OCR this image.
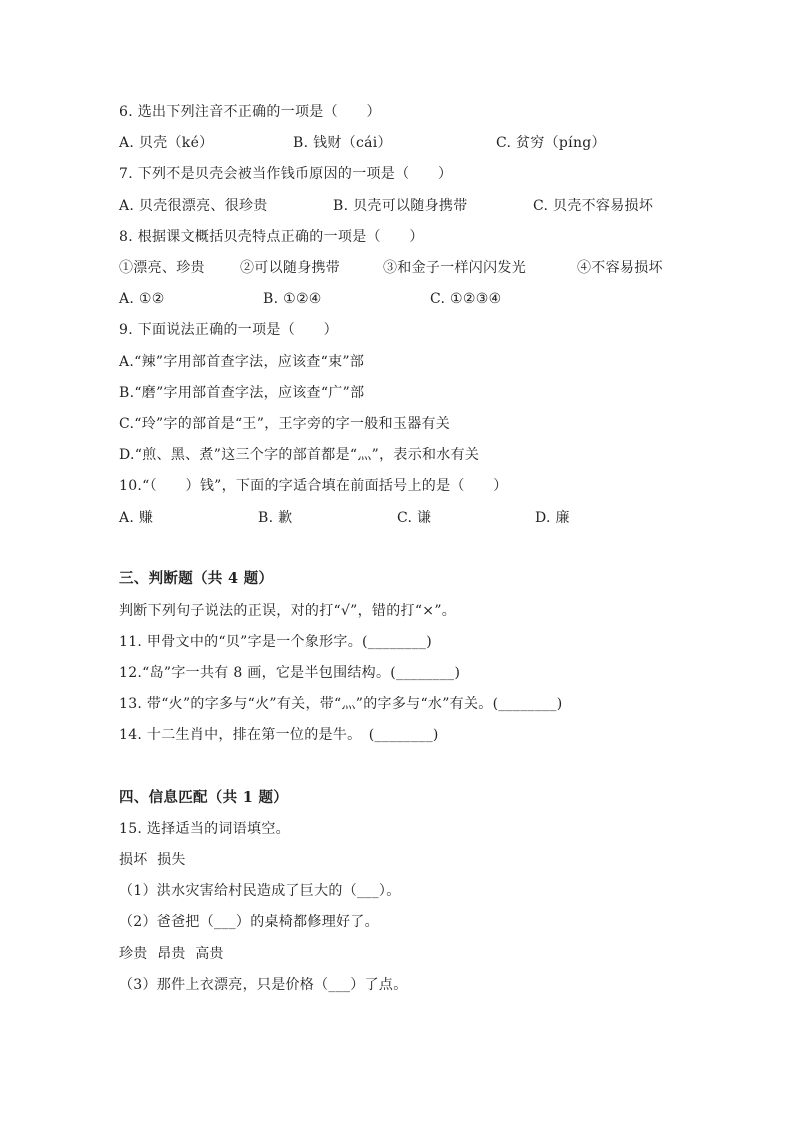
6. 选出下列注音不正确的一项是（　　）
A. 贝壳（ké）	B. 钱财（cái）	C. 贫穷（píng）
7. 下列不是贝壳会被当作钱币原因的一项是（　　）
A. 贝壳很漂亮、很珍贵	B. 贝壳可以随身携带	C. 贝壳不容易损坏
8. 根据课文概括贝壳特点正确的一项是（　　）
①漂亮、珍贵	②可以随身携带	③和金子一样闪闪发光	④不容易损坏
A. ①②	B. ①②④	C. ①②③④
9. 下面说法正确的一项是（　　）
A.“辣”字用部首查字法，应该查“束”部
B.“磨”字用部首查字法，应该查“广”部
C.“玲”字的部首是“王”，王字旁的字一般和玉器有关
D.“煎、黑、煮”这三个字的部首都是“灬”，表示和水有关
10.“（　　）钱”，下面的字适合填在前面括号上的是（　　）
A. 赚	B. 歉	C. 谦	D. 廉
三、判断题（共 4 题）
判断下列句子说法的正误，对的打“√”，错的打“×”。
11. 甲骨文中的“贝”字是一个象形字。(________)
12.“岛”字一共有 8 画，它是半包围结构。(________)
13. 带“火”的字多与“火”有关，带“灬”的字多与“水”有关。(________)
14. 十二生肖中，排在第一位的是牛。　(________)
四、信息匹配（共 1 题）
15. 选择适当的词语填空。
损坏  损失
（1）洪水灾害给村民造成了巨大的（___）。
（2）爸爸把（___）的桌椅都修理好了。
珍贵  昂贵  高贵
（3）那件上衣漂亮，只是价格（___）了点。
